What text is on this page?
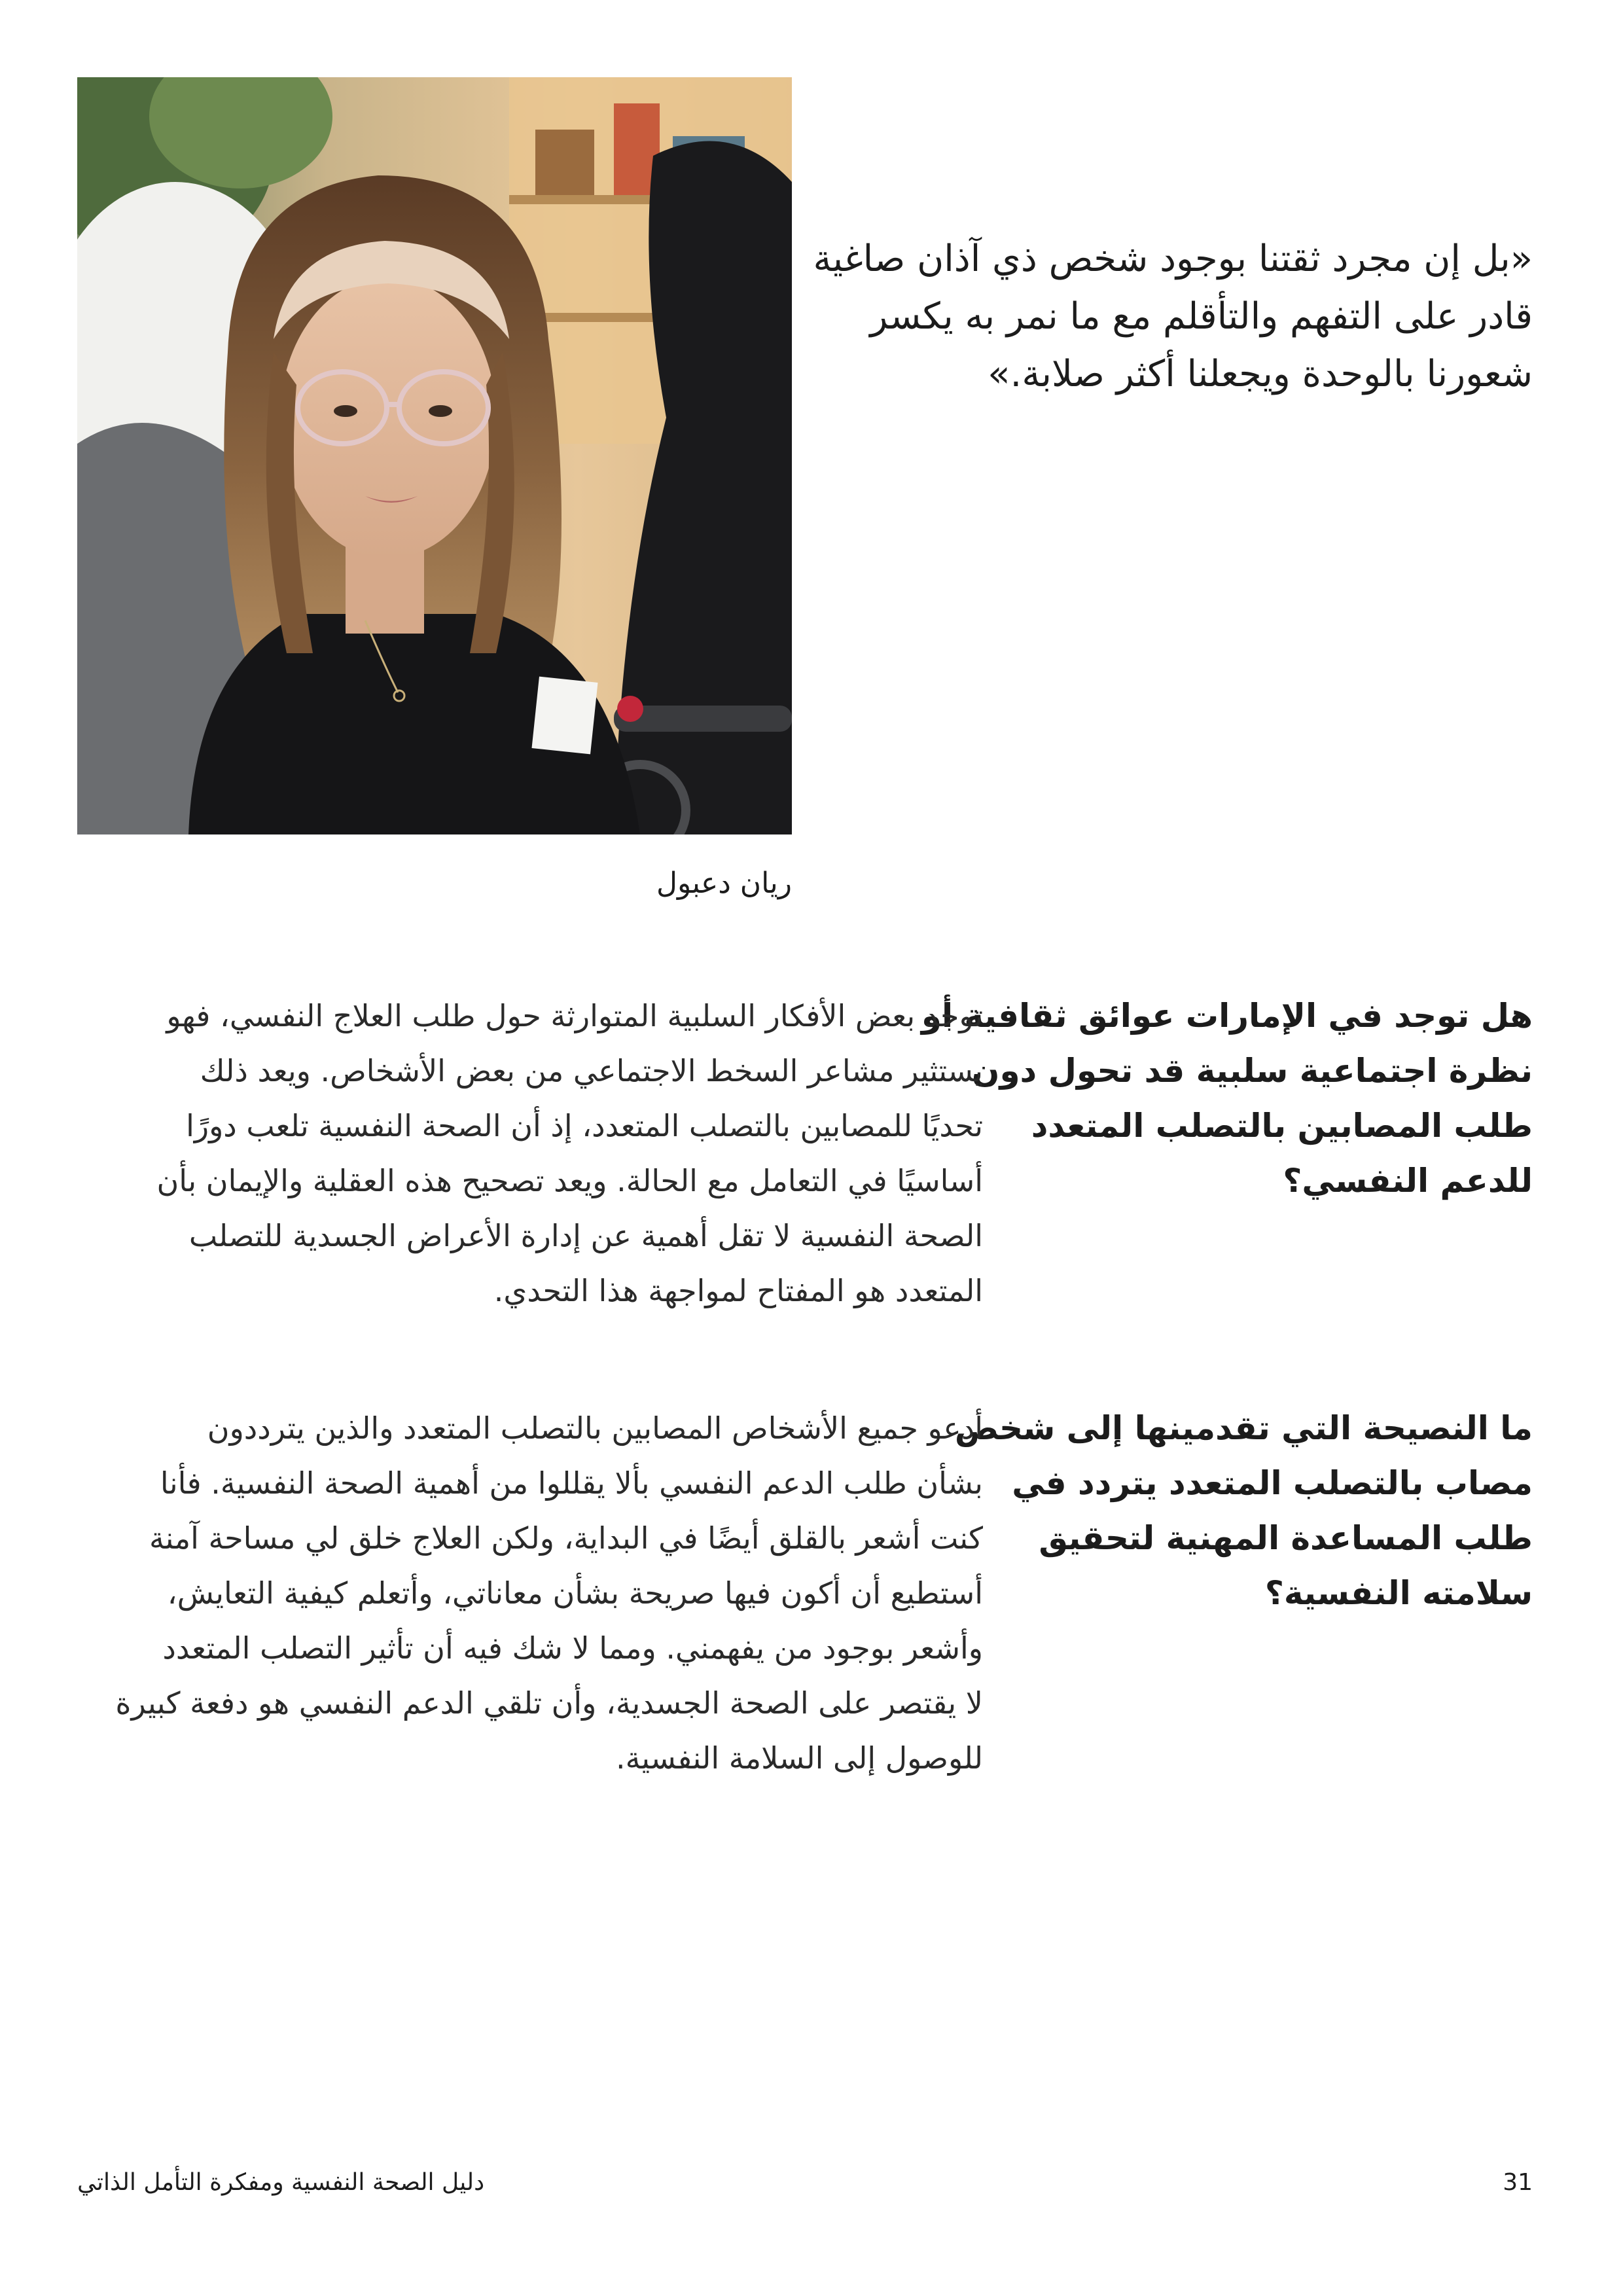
ريان دعبول
«بل إن مجرد ثقتنا بوجود شخص ذي آذان صاغية
قادر على التفهم والتأقلم مع ما نمر به يكسر
شعورنا بالوحدة ويجعلنا أكثر صلابة.»
هل توجد في الإمارات عوائق ثقافية أو
نظرة اجتماعية سلبية قد تحول دون
طلب المصابين بالتصلب المتعدد
للدعم النفسي؟
توجد بعض الأفكار السلبية المتوارثة حول طلب العلاج النفسي، فهو
يستثير مشاعر السخط الاجتماعي من بعض الأشخاص. ويعد ذلك
تحديًا للمصابين بالتصلب المتعدد، إذ أن الصحة النفسية تلعب دورًا
أساسيًا في التعامل مع الحالة. ويعد تصحيح هذه العقلية والإيمان بأن
الصحة النفسية لا تقل أهمية عن إدارة الأعراض الجسدية للتصلب
المتعدد هو المفتاح لمواجهة هذا التحدي.
ما النصيحة التي تقدمينها إلى شخص
مصاب بالتصلب المتعدد يتردد في
طلب المساعدة المهنية لتحقيق
سلامته النفسية؟
أدعو جميع الأشخاص المصابين بالتصلب المتعدد والذين يترددون
بشأن طلب الدعم النفسي بألا يقللوا من أهمية الصحة النفسية. فأنا
كنت أشعر بالقلق أيضًا في البداية، ولكن العلاج خلق لي مساحة آمنة
أستطيع أن أكون فيها صريحة بشأن معاناتي، وأتعلم كيفية التعايش،
وأشعر بوجود من يفهمني. ومما لا شك فيه أن تأثير التصلب المتعدد
لا يقتصر على الصحة الجسدية، وأن تلقي الدعم النفسي هو دفعة كبيرة
للوصول إلى السلامة النفسية.
دليل الصحة النفسية ومفكرة التأمل الذاتي	31
